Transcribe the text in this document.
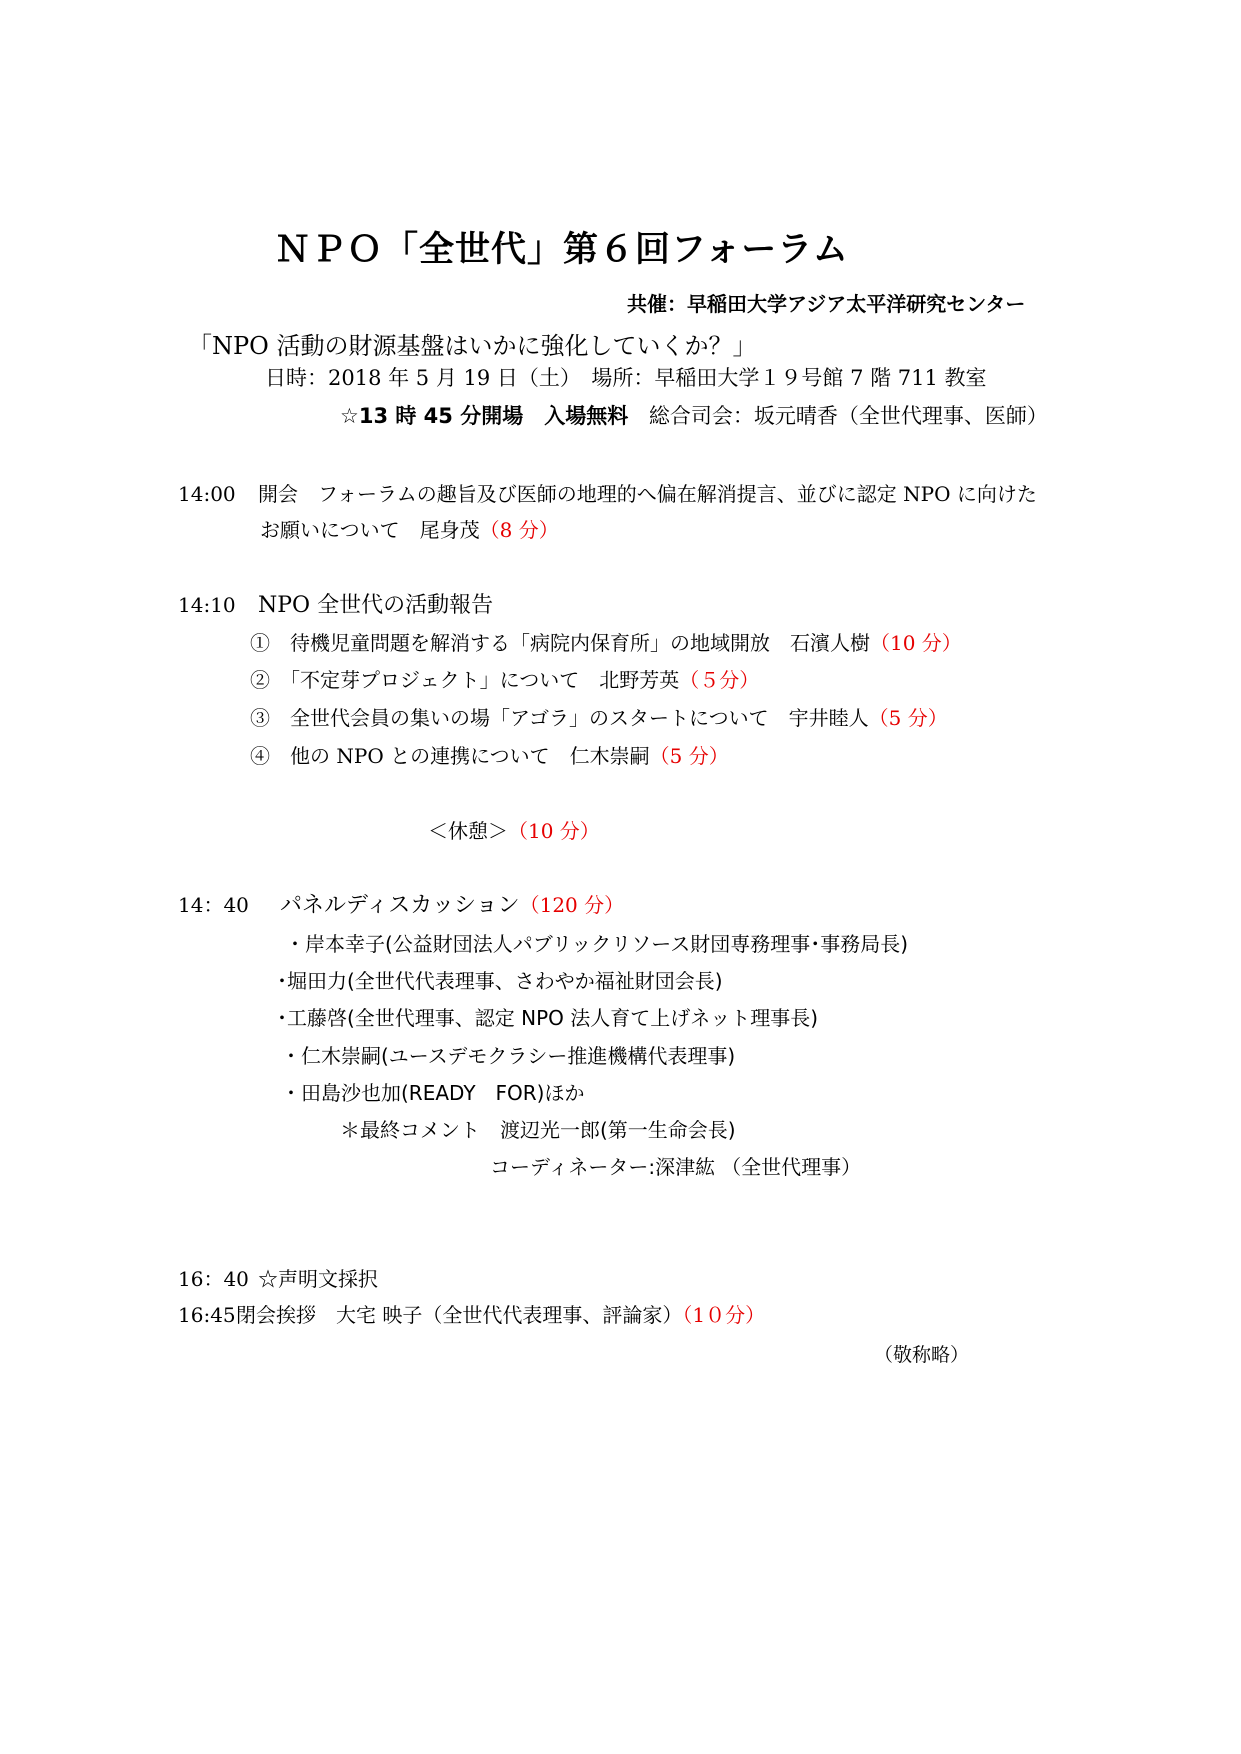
ＮＰＯ「全世代」第６回フォーラム
共催：早稲田大学アジア太平洋研究センター
「NPO 活動の財源基盤はいかに強化していくか？」
日時：2018 年 5 月 19 日（土）　場所：早稲田大学１９号館 7 階 711 教室
☆13 時 45 分開場　入場無料 総合司会：坂元晴香（全世代理事、医師）
14:00 開会　フォーラムの趣旨及び医師の地理的へ偏在解消提言、並びに認定 NPO に向けた
お願いについて　尾身茂（8 分）
14:10 NPO 全世代の活動報告
①　待機児童問題を解消する「病院内保育所」の地域開放　石濱人樹（10 分）
②　「不定芽プロジェクト」について　北野芳英（５分）
③　全世代会員の集いの場「アゴラ」のスタートについて　宇井睦人（5 分）
④　他の NPO との連携について　仁木崇嗣（5 分）
＜休憩＞（10 分）
14：40 パネルディスカッション（120 分）
・岸本幸子(公益財団法人パブリックリソース財団専務理事･事務局長)
･堀田力(全世代代表理事、さわやか福祉財団会長)
･工藤啓(全世代理事、認定 NPO 法人育て上げネット理事長)
・仁木崇嗣(ユースデモクラシー推進機構代表理事)
・田島沙也加(READY　FOR)ほか
＊最終コメント　渡辺光一郎(第一生命会長)
コーディネーター:深津紘 （全世代理事）
16：40 ☆声明文採択
16:45閉会挨拶　大宅 映子（全世代代表理事、評論家）（1０分）
（敬称略）
